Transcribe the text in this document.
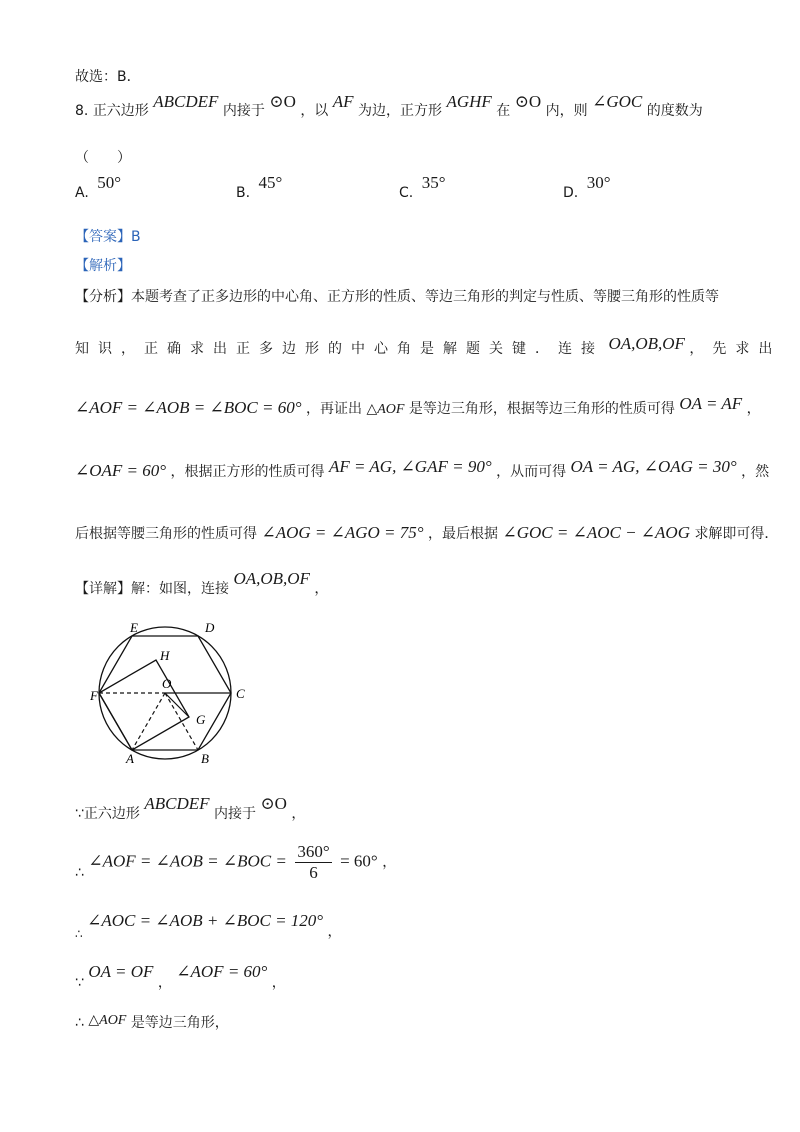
故选：B．
8. 正六边形 ABCDEF 内接于 ⊙O ，以 AF 为边，正方形 AGHF 在 ⊙O 内，则 ∠GOC 的度数为
（　　）
A. 50°
B. 45°
C. 35°
D. 30°
【答案】B
【解析】
【分析】本题考查了正多边形的中心角、正方形的性质、等边三角形的判定与性质、等腰三角形的性质等
知识，正确求出正多边形的中心角是解题关键．连接 OA,OB,OF ，先求出
∠AOF = ∠AOB = ∠BOC = 60° ，再证出 △AOF 是等边三角形，根据等边三角形的性质可得 OA = AF ，
∠OAF = 60° ，根据正方形的性质可得 AF = AG, ∠GAF = 90° ，从而可得 OA = AG, ∠OAG = 30° ，然
后根据等腰三角形的性质可得 ∠AOG = ∠AGO = 75° ，最后根据 ∠GOC = ∠AOC − ∠AOG 求解即可得．
【详解】解：如图，连接 OA,OB,OF ，
E	D
F	C
A	B
H
O
G
∵正六边形 ABCDEF 内接于 ⊙O ，
∴ ∠AOF = ∠AOB = ∠BOC = $\frac{360^\circ}{6} = 60^\circ$ ，
∴ ∠AOC = ∠AOB + ∠BOC = 120° ，
∵ OA = OF ， ∠AOF = 60° ，
∴ △AOF 是等边三角形，
